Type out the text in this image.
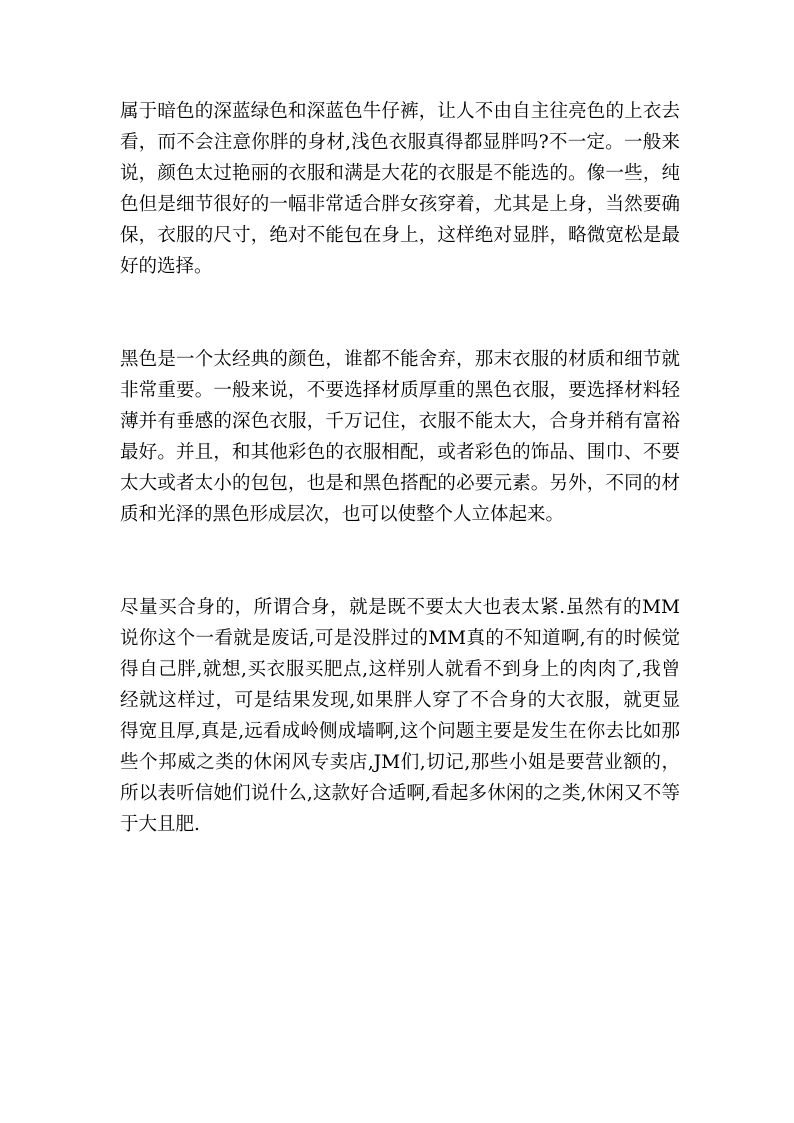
属于暗色的深蓝绿色和深蓝色牛仔裤，让人不由自主往亮色的上衣去看，而不会注意你胖的身材,浅色衣服真得都显胖吗?不一定。一般来说，颜色太过艳丽的衣服和满是大花的衣服是不能选的。像一些，纯色但是细节很好的一幅非常适合胖女孩穿着，尤其是上身，当然要确保，衣服的尺寸，绝对不能包在身上，这样绝对显胖，略微宽松是最好的选择。

黑色是一个太经典的颜色，谁都不能舍弃，那末衣服的材质和细节就非常重要。一般来说，不要选择材质厚重的黑色衣服，要选择材料轻薄并有垂感的深色衣服，千万记住，衣服不能太大，合身并稍有富裕最好。并且，和其他彩色的衣服相配，或者彩色的饰品、围巾、不要太大或者太小的包包，也是和黑色搭配的必要元素。另外，不同的材质和光泽的黑色形成层次，也可以使整个人立体起来。

尽量买合身的，所谓合身，就是既不要太大也表太紧.虽然有的MM说你这个一看就是废话,可是没胖过的MM真的不知道啊,有的时候觉得自己胖,就想,买衣服买肥点,这样别人就看不到身上的肉肉了,我曾经就这样过，可是结果发现,如果胖人穿了不合身的大衣服，就更显得宽且厚,真是,远看成岭侧成墙啊,这个问题主要是发生在你去比如那些个邦威之类的休闲风专卖店,JM们,切记,那些小姐是要营业额的，所以表听信她们说什么,这款好合适啊,看起多休闲的之类,休闲又不等于大且肥.
